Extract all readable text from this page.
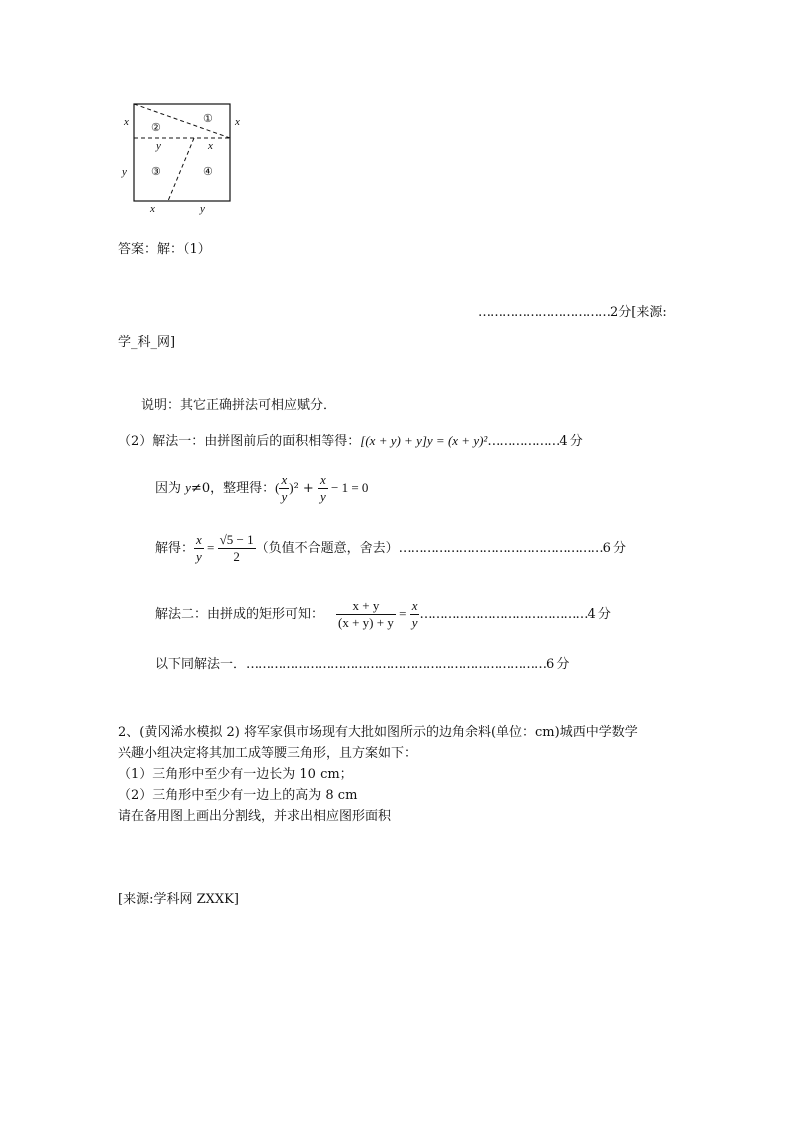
①
②
③	④
x
y
x
y	x
x	y
答案：解：（1）
……………………………2分[来源:
学_科_网]
说明：其它正确拼法可相应赋分．
（2）解法一：由拼图前后的面积相等得：[(x + y) + y]y = (x + y)²………………4 分
因为 y≠0，整理得：( $\frac{x}{y} )^2 + \frac{x}{y} - 1 = 0$
解得： $\frac{x}{y} = \frac{√5 - 1}{2}$ （负值不合题意，舍去）……………………………………………6 分
解法二：由拼成的矩形可知： $\frac{x + y}{(x + y) + y} = \frac{x}{y}$ ……………………………………4 分
以下同解法一．…………………………………………………………………6 分
2、(黄冈浠水模拟 2) 将军家俱市场现有大批如图所示的边角余料(单位：cm)城西中学数学
兴趣小组决定将其加工成等腰三角形，且方案如下：
（1）三角形中至少有一边长为 10 cm；
（2）三角形中至少有一边上的高为 8 cm
请在备用图上画出分割线，并求出相应图形面积
[来源:学科网 ZXXK]
